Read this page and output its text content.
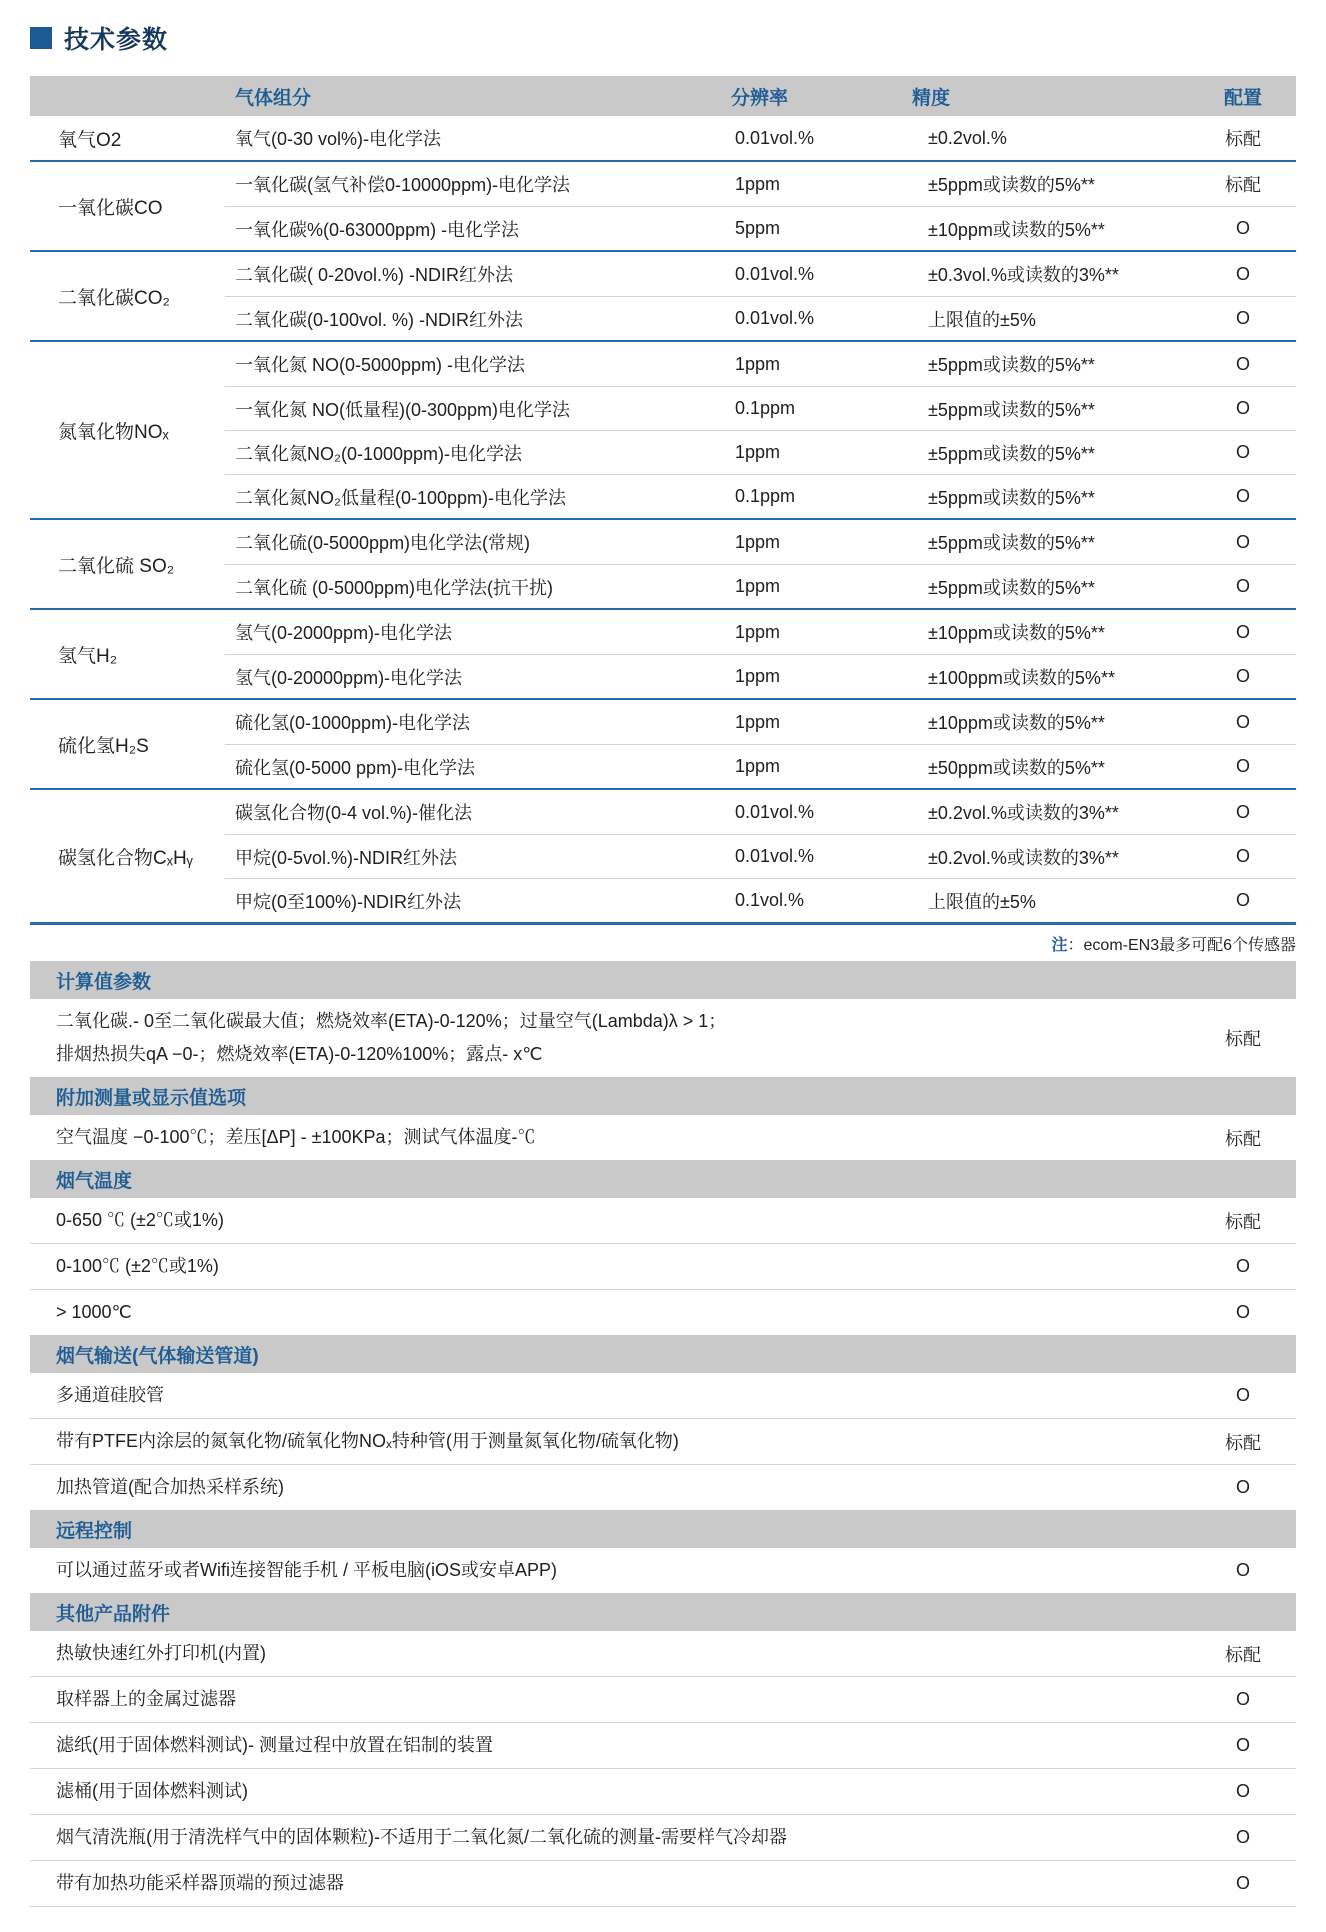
技术参数
气体组分	分辨率	精度	配置
氧气O2	氧气(0-30 vol%)-电化学法	0.01vol.%	±0.2vol.%	标配
一氧化碳CO
一氧化碳(氢气补偿0-10000ppm)-电化学法	1ppm	±5ppm或读数的5%**	标配
一氧化碳%(0-63000ppm) -电化学法	5ppm	±10ppm或读数的5%**	O
二氧化碳CO₂
二氧化碳( 0-20vol.%) -NDIR红外法	0.01vol.%	±0.3vol.%或读数的3%**	O
二氧化碳(0-100vol. %) -NDIR红外法	0.01vol.%	上限值的±5%	O
氮氧化物NOₓ
一氧化氮 NO(0-5000ppm) -电化学法	1ppm	±5ppm或读数的5%**	O
一氧化氮 NO(低量程)(0-300ppm)电化学法	0.1ppm	±5ppm或读数的5%**	O
二氧化氮NO₂(0-1000ppm)-电化学法	1ppm	±5ppm或读数的5%**	O
二氧化氮NO₂低量程(0-100ppm)-电化学法	0.1ppm	±5ppm或读数的5%**	O
二氧化硫 SO₂
二氧化硫(0-5000ppm)电化学法(常规)	1ppm	±5ppm或读数的5%**	O
二氧化硫 (0-5000ppm)电化学法(抗干扰)	1ppm	±5ppm或读数的5%**	O
氢气H₂
氢气(0-2000ppm)-电化学法	1ppm	±10ppm或读数的5%**	O
氢气(0-20000ppm)-电化学法	1ppm	±100ppm或读数的5%**	O
硫化氢H₂S
硫化氢(0-1000ppm)-电化学法	1ppm	±10ppm或读数的5%**	O
硫化氢(0-5000 ppm)-电化学法	1ppm	±50ppm或读数的5%**	O
碳氢化合物CₓHᵧ
碳氢化合物(0-4 vol.%)-催化法	0.01vol.%	±0.2vol.%或读数的3%**	O
甲烷(0-5vol.%)-NDIR红外法	0.01vol.%	±0.2vol.%或读数的3%**	O
甲烷(0至100%)-NDIR红外法	0.1vol.%	上限值的±5%	O
注 ：ecom-EN3最多可配6个传感器
计算值参数
二氧化碳.- 0至二氧化碳最大值；燃烧效率(ETA)-0-120%；过量空气(Lambda)λ > 1；
排烟热损失qA −0-；燃烧效率(ETA)-0-120%100%；露点- x℃
标配
附加测量或显示值选项
空气温度 −0-100℃；差压[ΔP] - ±100KPa；测试气体温度-℃	标配
烟气温度
0-650 ℃ (±2℃或1%)	标配
0-100℃ (±2℃或1%)	O
> 1000℃	O
烟气输送(气体输送管道)
多通道硅胶管	O
带有PTFE内涂层的氮氧化物/硫氧化物NOₓ特种管(用于测量氮氧化物/硫氧化物)	标配
加热管道(配合加热采样系统)	O
远程控制
可以通过蓝牙或者Wifi连接智能手机 / 平板电脑(iOS或安卓APP)	O
其他产品附件
热敏快速红外打印机(内置)	标配
取样器上的金属过滤器	O
滤纸(用于固体燃料测试)- 测量过程中放置在铝制的装置	O
滤桶(用于固体燃料测试)	O
烟气清洗瓶(用于清洗样气中的固体颗粒)-不适用于二氧化氮/二氧化硫的测量-需要样气冷却器	O
带有加热功能采样器顶端的预过滤器	O
